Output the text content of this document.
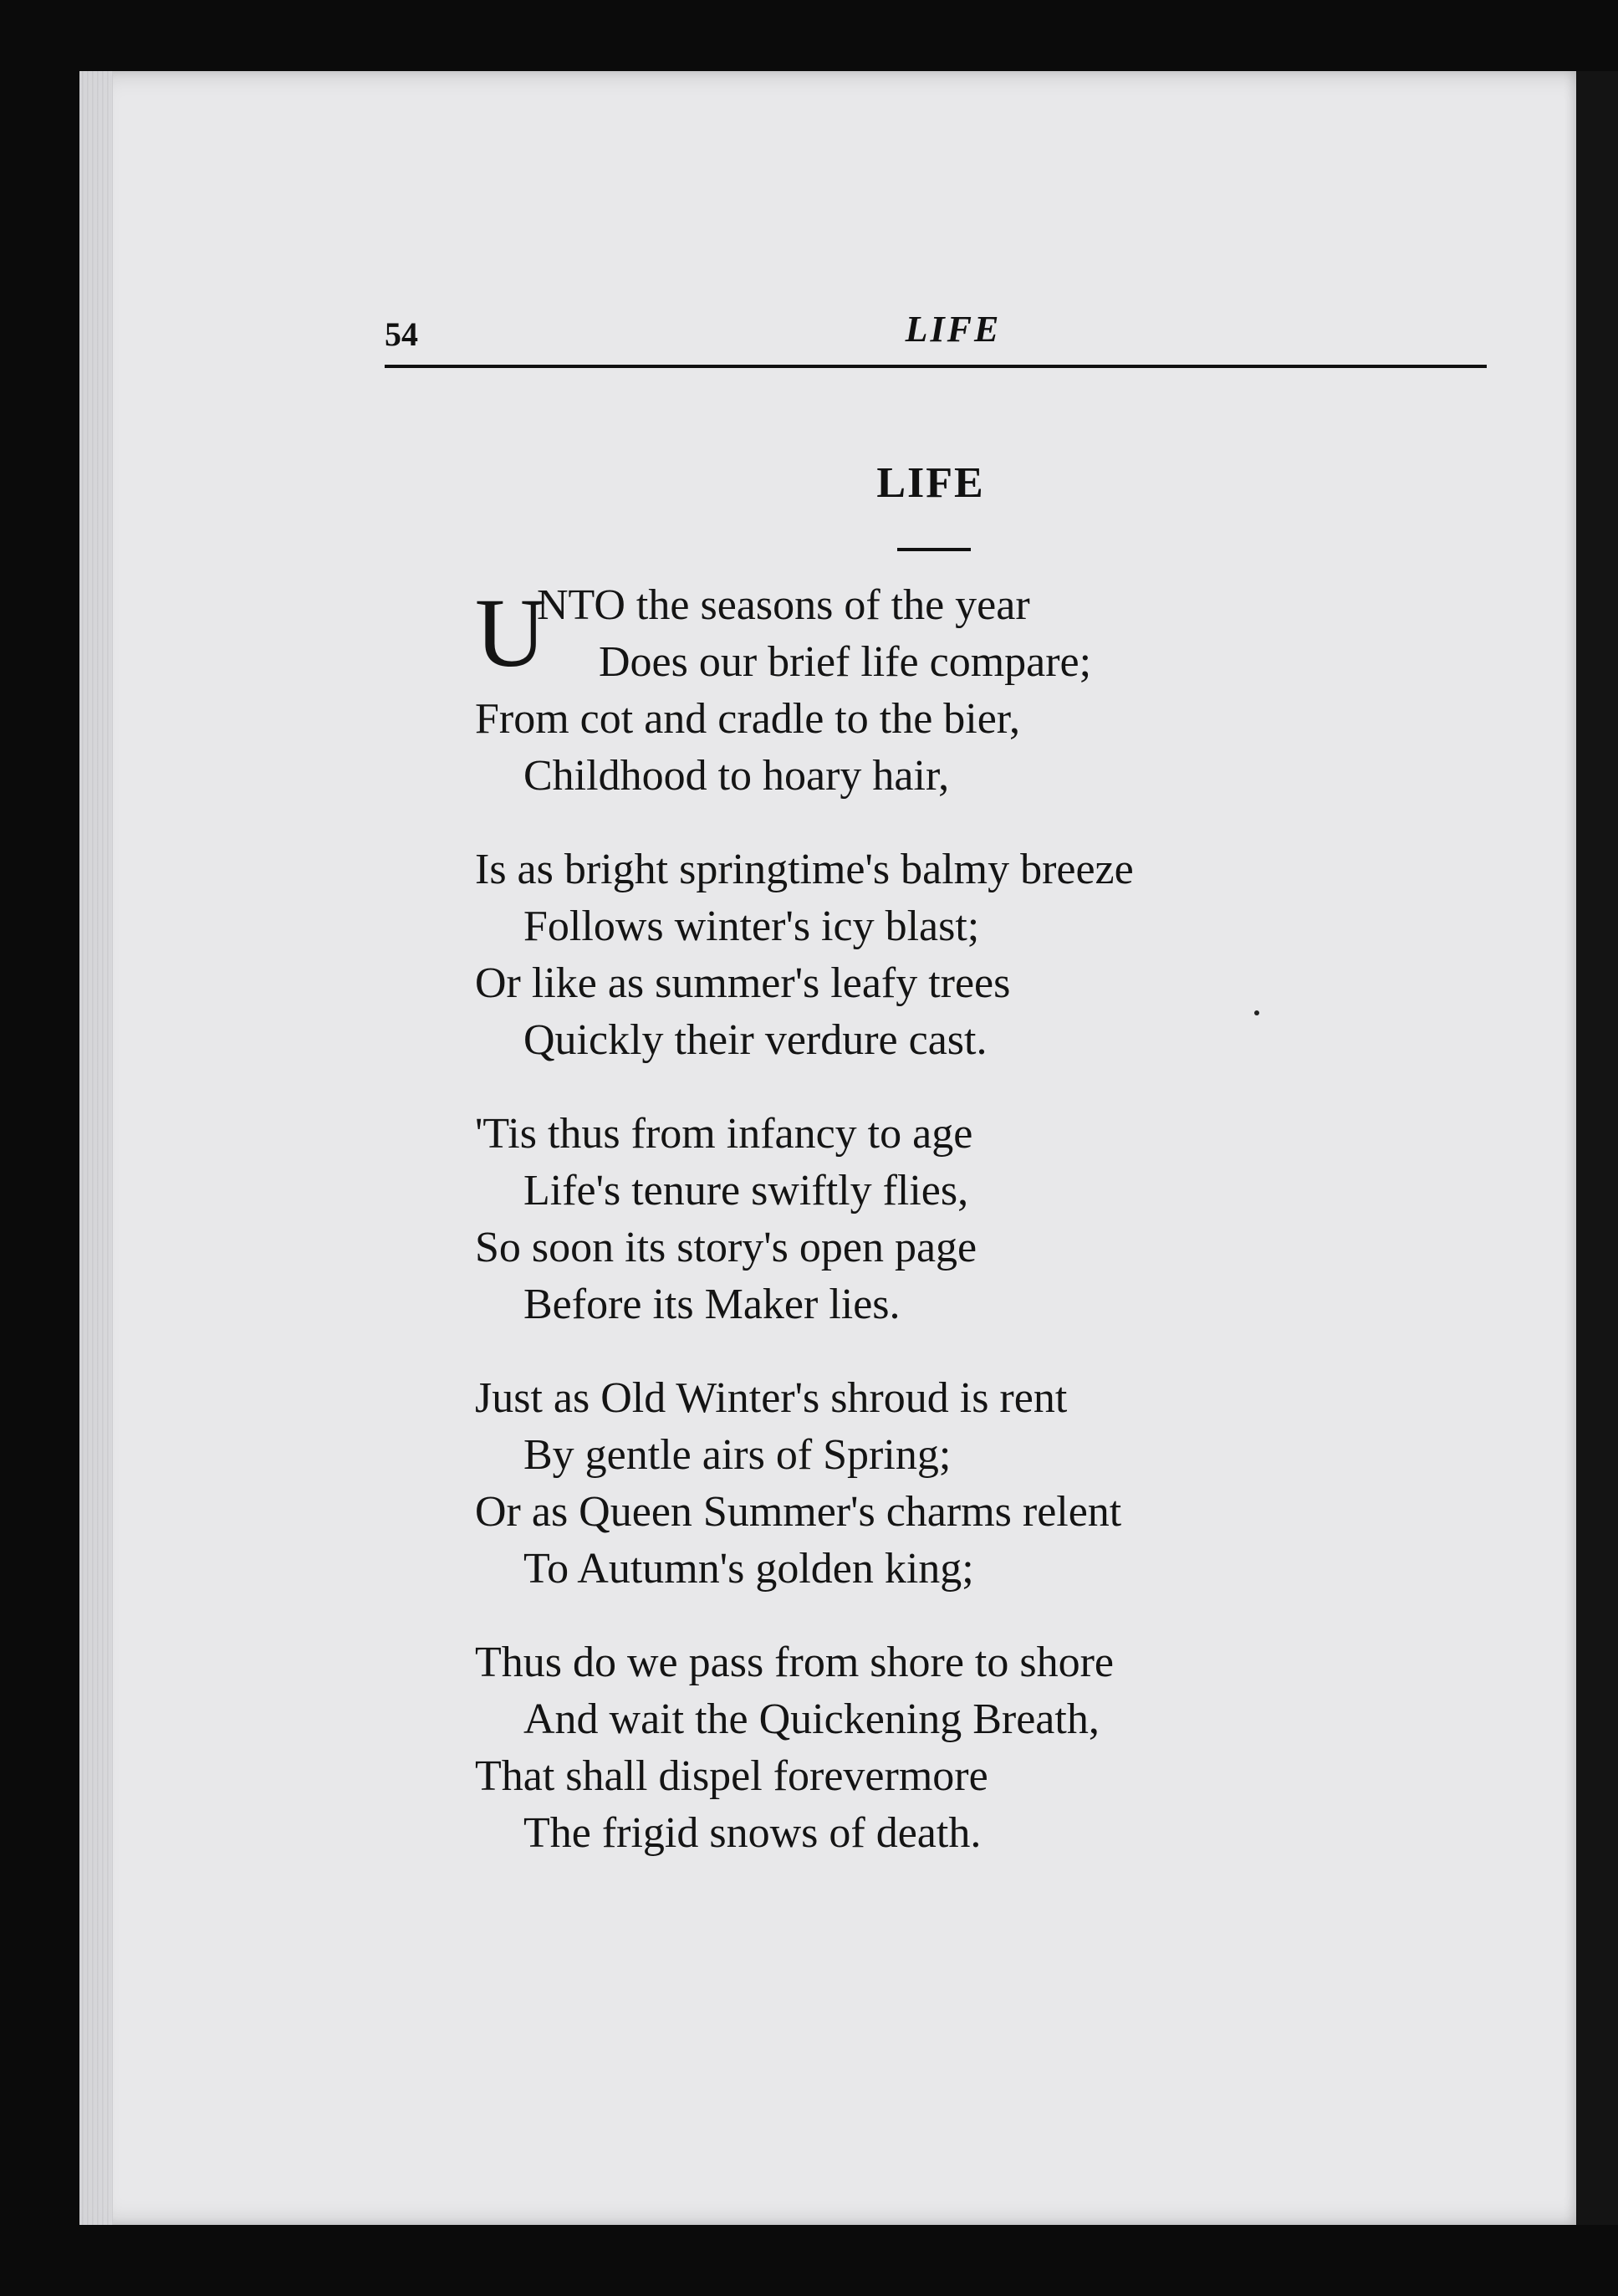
54	LIFE
LIFE
U
NTO the seasons of the year
Does our brief life compare;
From cot and cradle to the bier,
Childhood to hoary hair,
Is as bright springtime's balmy breeze
Follows winter's icy blast;
Or like as summer's leafy trees
Quickly their verdure cast.
'Tis thus from infancy to age
Life's tenure swiftly flies,
So soon its story's open page
Before its Maker lies.
Just as Old Winter's shroud is rent
By gentle airs of Spring;
Or as Queen Summer's charms relent
To Autumn's golden king;
Thus do we pass from shore to shore
And wait the Quickening Breath,
That shall dispel forevermore
The frigid snows of death.
